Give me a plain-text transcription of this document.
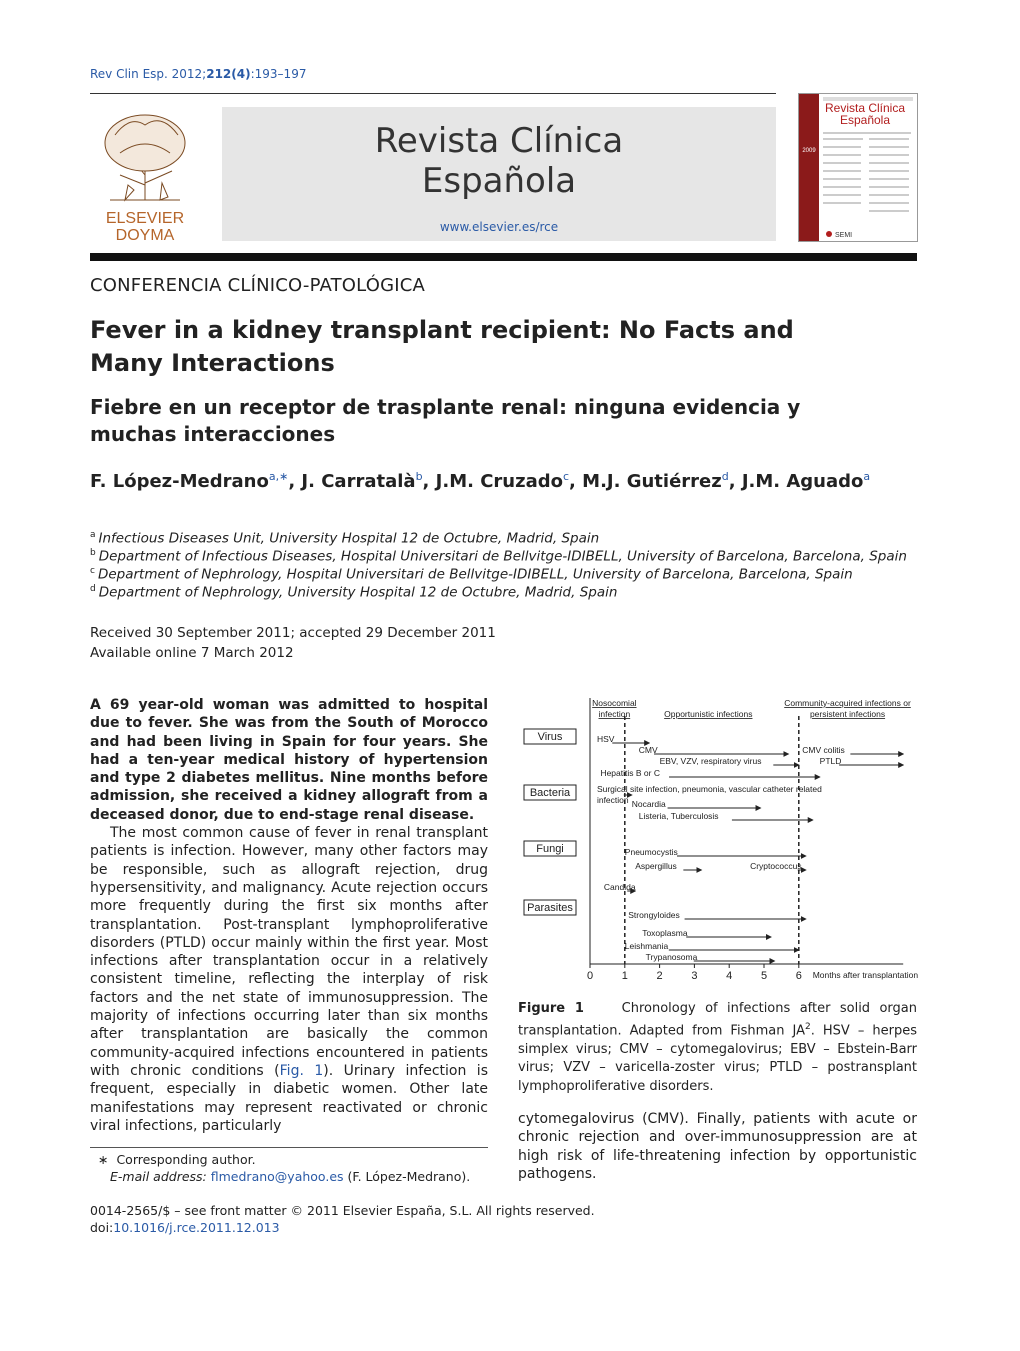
Rev Clin Esp. 2012;212(4):193–197
ELSEVIER
DOYMA
Revista Clínica
Española
www.elsevier.es/rce
Revista Clínica
Española
2009
SEMI
CONFERENCIA CLÍNICO-PATOLÓGICA
Fever in a kidney transplant recipient: No Facts and Many Interactions
Fiebre en un receptor de trasplante renal: ninguna evidencia y muchas interacciones
F. López-Medrano$^{a,∗}$, J. Carratalà$^b$, J.M. Cruzado$^c$, M.J. Gutiérrez$^d$, J.M. Aguado$^a$
$^a$ Infectious Diseases Unit, University Hospital 12 de Octubre, Madrid, Spain
$^b$ Department of Infectious Diseases, Hospital Universitari de Bellvitge-IDIBELL, University of Barcelona, Barcelona, Spain
$^c$ Department of Nephrology, Hospital Universitari de Bellvitge-IDIBELL, University of Barcelona, Barcelona, Spain
$^d$ Department of Nephrology, University Hospital 12 de Octubre, Madrid, Spain
Received 30 September 2011; accepted 29 December 2011
Available online 7 March 2012

A 69 year-old woman was admitted to hospital due to fever. She was from the South of Morocco and had been living in Spain for four years. She had a ten-year medical history of hypertension and type 2 diabetes mellitus. Nine months before admission, she received a kidney allograft from a deceased donor, due to end-stage renal disease.

The most common cause of fever in renal transplant patients is infection. However, many other factors may be responsible, such as allograft rejection, drug hypersensitivity, and malignancy. Acute rejection occurs more frequently during the first six months after transplantation. Post-transplant lymphoproliferative disorders (PTLD) occur mainly within the first year. Most infections after transplantation occur in a relatively consistent timeline, reflecting the interplay of risk factors and the net state of immunosuppression. The majority of infections occurring later than six months after transplantation are basically the common community-acquired infections encountered in patients with chronic conditions (Fig. 1). Urinary infection is frequent, especially in diabetic women. Other late manifestations may represent reactivated or chronic viral infections, particularly

∗ Corresponding author.
E-mail address: flmedrano@yahoo.es (F. López-Medrano).
0014-2565/$ – see front matter © 2011 Elsevier España, S.L. All rights reserved.
doi:10.1016/j.rce.2011.12.013
Nosocomial
infection	Opportunistic infections
Community-acquired infections or
persistent infections
Virus
Bacteria
Fungi
Parasites
HSV
CMV
EBV, VZV, respiratory virus
Hepatitis B or C
CMV colitis
PTLD
Surgical site infection, pneumonia, vascular catheter related
infection Nocardia
Listeria, Tuberculosis
Pneumocystis
Aspergillus	Cryptococcus
Candida
Strongyloides
Toxoplasma
Leishmania
Trypanosoma
0	1	2	3	4	5	6 Months after transplantation
Figure 1	Chronology of infections after solid organ transplantation. Adapted from Fishman $JA^2$. HSV – herpes simplex virus; CMV – cytomegalovirus; EBV – Ebstein-Barr virus; VZV – varicella-zoster virus; PTLD – postransplant lymphoproliferative disorders.

cytomegalovirus (CMV). Finally, patients with acute or chronic rejection and over-immunosuppression are at high risk of life-threatening infection by opportunistic pathogens.
